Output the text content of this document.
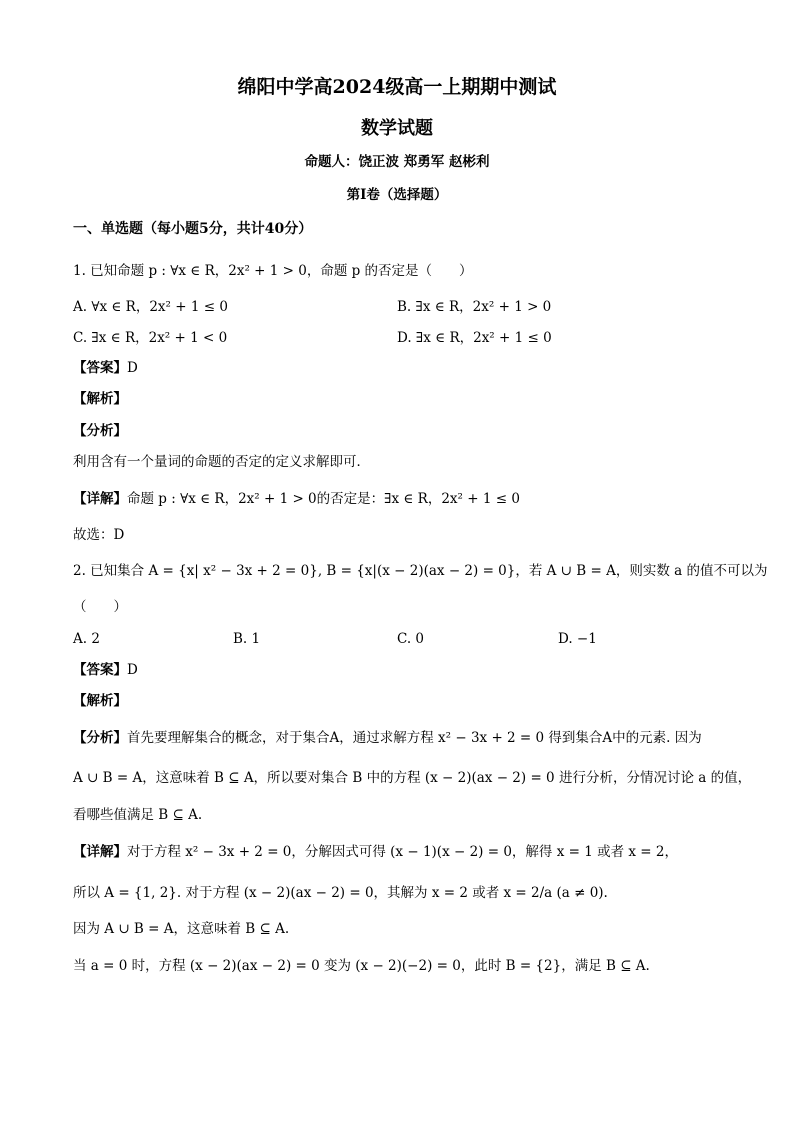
绵阳中学高2024级高一上期期中测试
数学试题
命题人：饶正波 郑勇军 赵彬利
第I卷（选择题）
一、单选题（每小题5分，共计40分）
1. 已知命题 p : ∀x ∈ R，2x² + 1 > 0，命题 p 的否定是（　　）
A. ∀x ∈ R，2x² + 1 ≤ 0	B. ∃x ∈ R，2x² + 1 > 0
C. ∃x ∈ R，2x² + 1 < 0	D. ∃x ∈ R，2x² + 1 ≤ 0
【答案】D
【解析】
【分析】
利用含有一个量词的命题的否定的定义求解即可．
【详解】命题 p : ∀x ∈ R，2x² + 1 > 0的否定是：∃x ∈ R，2x² + 1 ≤ 0
故选：D
2. 已知集合 A = {x| x² − 3x + 2 = 0}, B = {x|(x − 2)(ax − 2) = 0}，若 A ∪ B = A，则实数 a 的值不可以为
（　　）
A. 2	B. 1	C. 0	D. −1
【答案】D
【解析】
【分析】首先要理解集合的概念，对于集合A，通过求解方程 x² − 3x + 2 = 0 得到集合A中的元素. 因为
A ∪ B = A，这意味着 B ⊆ A，所以要对集合 B 中的方程 (x − 2)(ax − 2) = 0 进行分析，分情况讨论 a 的值，
看哪些值满足 B ⊆ A.
【详解】对于方程 x² − 3x + 2 = 0，分解因式可得 (x − 1)(x − 2) = 0，解得 x = 1 或者 x = 2，
所以 A = {1, 2}. 对于方程 (x − 2)(ax − 2) = 0，其解为 x = 2 或者 x = 2/a (a ≠ 0).
因为 A ∪ B = A，这意味着 B ⊆ A.
当 a = 0 时，方程 (x − 2)(ax − 2) = 0 变为 (x − 2)(−2) = 0，此时 B = {2}，满足 B ⊆ A.
